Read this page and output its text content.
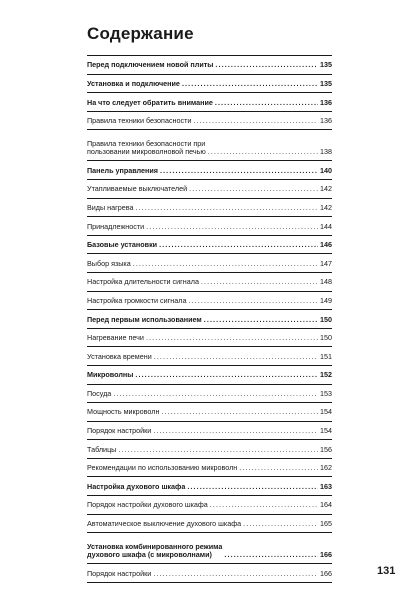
Содержание
Перед подключением новой плиты .....	135
Установка и подключение .....	135
На что следует обратить внимание .....	136
Правила техники безопасности .....	136
Правила техники безопасности при
пользовании микроволновой печью .....	138
Панель управления .....	140
Утапливаемые выключателей .....	142
Виды нагрева .....	142
Принадлежности .....	144
Базовые установки .....	146
Выбор языка .....	147
Настройка длительности сигнала .....	148
Настройка громкости сигнала .....	149
Перед первым использованием .....	150
Нагревание печи .....	150
Установка времени .....	151
Микроволны .....	152
Посуда .....	153
Мощность микроволн .....	154
Порядок настройки .....	154
Таблицы .....	156
Рекомендации по использованию микроволн .....	162
Настройка духового шкафа .....	163
Порядок настройки духового шкафа .....	164
Автоматическое выключение духового шкафа .....	165
Установка комбинированного режима
духового шкафа (с микроволнами) .....	166
Порядок настройки .....	166	131
